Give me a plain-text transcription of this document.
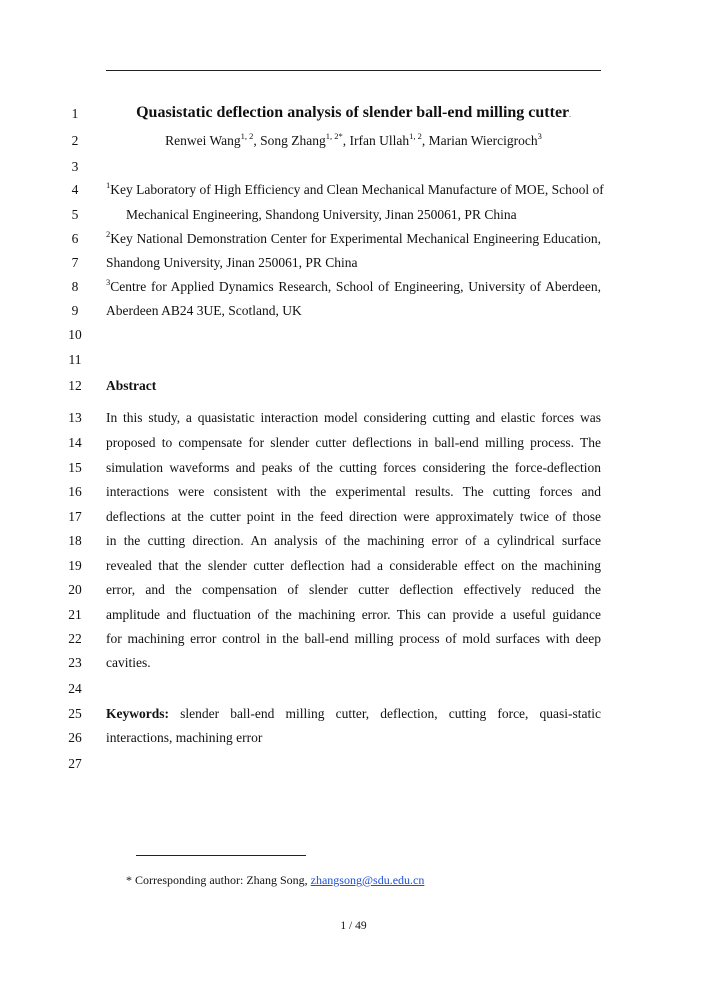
1
2
3
4
5
6
7
8
9
10
11
12
13
14
15
16
17
18
19
20
21
22
23
24
25
26
27
Quasistatic deflection analysis of slender ball-end milling cutter.
Renwei Wang$^{1, 2}$, Song Zhang$^{1, 2*}$, Irfan Ullah$^{1, 2}$, Marian Wiercigroch$^3$
$^1$Key Laboratory of High Efficiency and Clean Mechanical Manufacture of MOE, School of
Mechanical Engineering, Shandong University, Jinan 250061, PR China
$^2$Key National Demonstration Center for Experimental Mechanical Engineering Education,
Shandong University, Jinan 250061, PR China
$^3$Centre for Applied Dynamics Research, School of Engineering, University of Aberdeen,
Aberdeen AB24 3UE, Scotland, UK
Abstract
In this study, a quasistatic interaction model considering cutting and elastic forces was
proposed to compensate for slender cutter deflections in ball-end milling process. The
simulation waveforms and peaks of the cutting forces considering the force-deflection
interactions were consistent with the experimental results. The cutting forces and
deflections at the cutter point in the feed direction were approximately twice of those
in the cutting direction. An analysis of the machining error of a cylindrical surface
revealed that the slender cutter deflection had a considerable effect on the machining
error, and the compensation of slender cutter deflection effectively reduced the
amplitude and fluctuation of the machining error. This can provide a useful guidance
for machining error control in the ball-end milling process of mold surfaces with deep
cavities.
Keywords: slender ball-end milling cutter, deflection, cutting force, quasi-static
interactions, machining error
* Corresponding author: Zhang Song, zhangsong@sdu.edu.cn
1 / 49
